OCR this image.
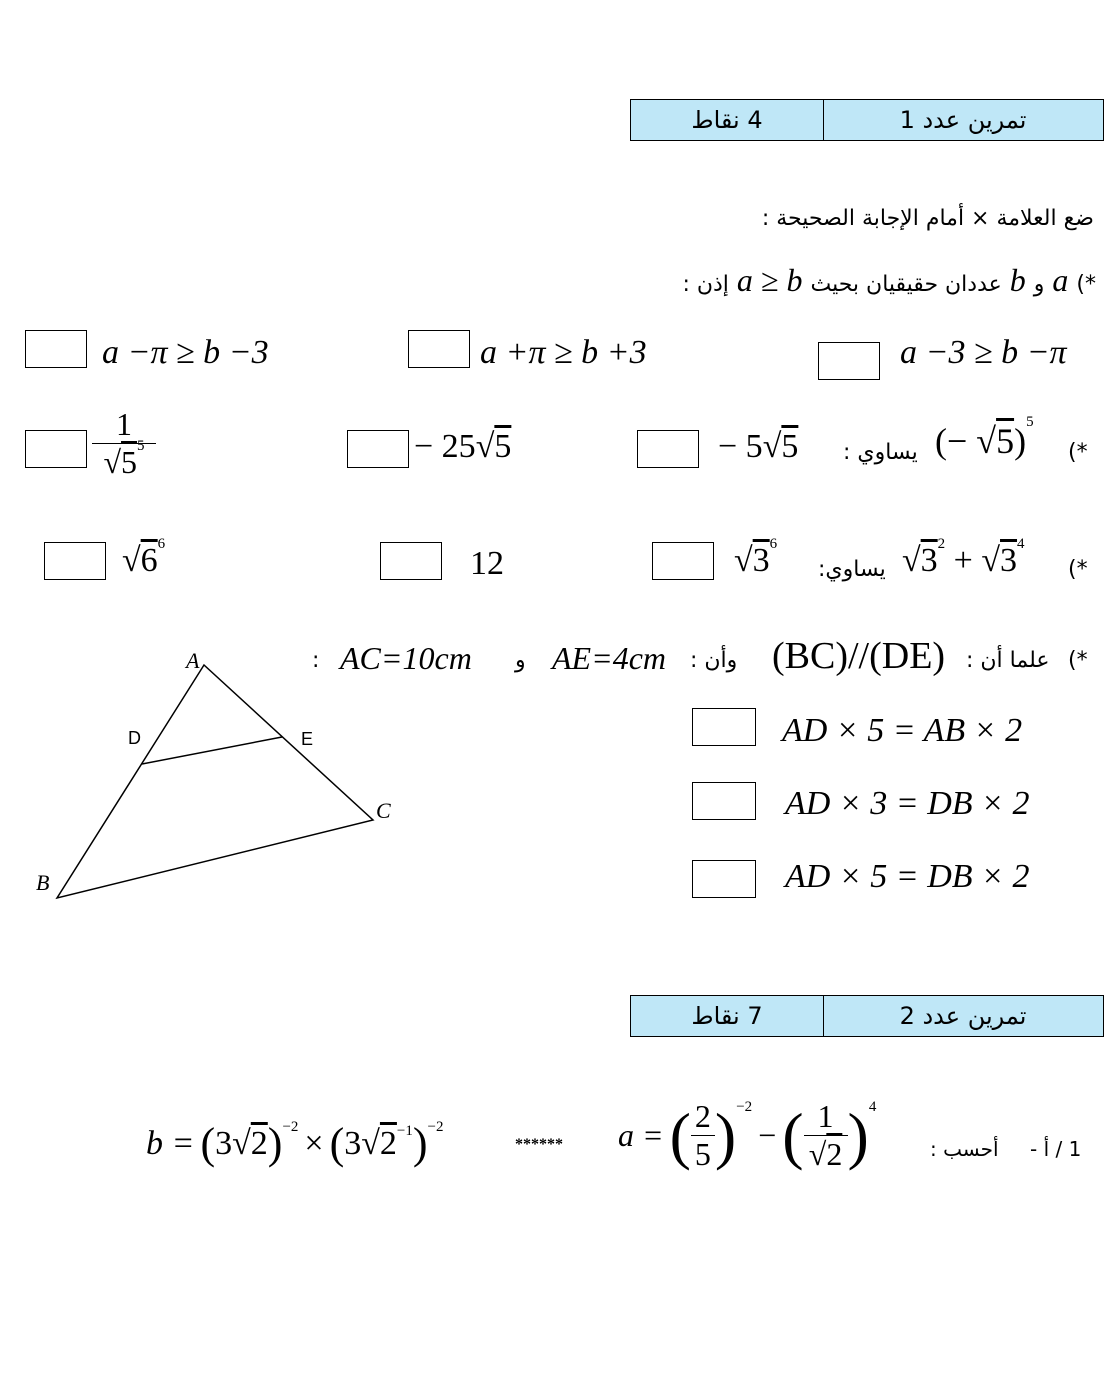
4 نقاط	تمرين عدد 1
ضع العلامة × أمام الإجابة الصحيحة :
*)
a
و
b
عددان حقيقيان بحيث
a ≥ b
إذن :
a −3 ≥ b −π
a +π ≥ b +3
a −π ≥ b −3
*)
(− √5)$^5$
يساوي :
− 5√5
− 25√5
$\frac{1}{√5^5}$
*)
$√3^2 + √3^4$
يساوي:
$√3^6$
12
$√6^6$
*)
علما أن :
(BC)//(DE)
وأن :
AE=4cm
و
AC=10cm
:
AD × 5 = AB × 2
AD × 3 = DB × 2
AD × 5 = DB × 2
A
B
C
D	E
7 نقاط	تمرين عدد 2
1 / أ -
أحسب :
a = ( $\frac{2}{5}$ ) −2
− ( $\frac{1}{√2}$ ) 4
******
b = ( 3 √ 2 ) −2 × ( 3 √ 2 −1 ) −2
